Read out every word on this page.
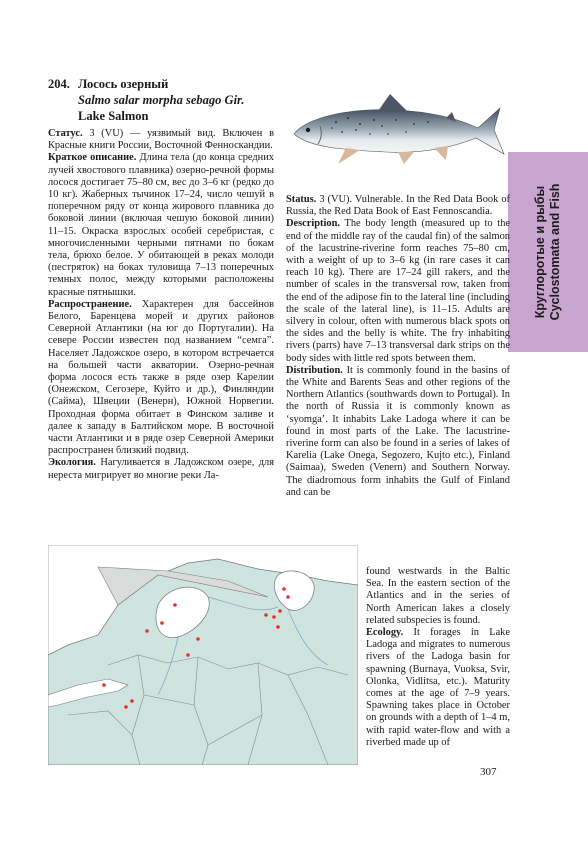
204. Лосось озерный
Salmo salar morpha sebago Gir.
Lake Salmon
Круглоротые и рыбы Cyclostomata and Fish

Статус. 3 (VU) — уязвимый вид. Включен в Красные книги России, Восточной Фенноскандии.

Краткое описание. Длина тела (до конца средних лучей хвостового плавника) озерно-речной формы лосося достигает 75–80 см, вес до 3–6 кг (редко до 10 кг). Жаберных тычинок 17–24, число чешуй в поперечном ряду от конца жирового плавника до боковой линии (включая чешую боковой линии) 11–15. Окраска взрослых особей серебристая, с многочисленными черными пятнами по бокам тела, брюхо белое. У обитающей в реках молоди (пестряток) на боках туловища 7–13 поперечных темных полос, между которыми расположены красные пятнышки.

Распространение. Характерен для бассейнов Белого, Баренцева морей и других районов Северной Атлантики (на юг до Португалии). На севере России известен под названием “семга”. Населяет Ладожское озеро, в котором встречается на большей части акватории. Озерно-речная форма лосося есть также в ряде озер Карелии (Онежском, Сегозере, Куйто и др.), Финляндии (Сайма), Швеции (Венерн), Южной Норвегии. Проходная форма обитает в Финском заливе и далее к западу в Балтийском море. В восточной части Атлантики и в ряде озер Северной Америки распространен близкий подвид.

Экология. Нагуливается в Ладожском озере, для нереста мигрирует во многие реки Ла-

Status. 3 (VU). Vulnerable. In the Red Data Book of Russia, the Red Data Book of East Fennoscandia.

Description. The body length (measured up to the end of the middle ray of the caudal fin) of the salmon of the lacustrine-riverine form reaches 75–80 cm, with a weight of up to 3–6 kg (in rare cases it can reach 10 kg). There are 17–24 gill rakers, and the number of scales in the transversal row, taken from the end of the adipose fin to the lateral line (including the scale of the lateral line), is 11–15. Adults are silvery in colour, often with numerous black spots on the sides and the belly is white. The fry inhabiting rivers (parrs) have 7–13 transversal dark strips on the body sides with little red spots between them.

Distribution. It is commonly found in the basins of the White and Barents Seas and other regions of the Northern Atlantics (southwards down to Portugal). In the north of Russia it is commonly known as ‘syomga’. It inhabits Lake Ladoga where it can be found in most parts of the Lake. The lacustrine-riverine form can also be found in a series of lakes of Karelia (Lake Onega, Segozero, Kujto etc.), Finland (Saimaa), Sweden (Venern) and Southern Norway. The diadromous form inhabits the Gulf of Finland and can be

found westwards in the Baltic Sea. In the eastern section of the Atlantics and in the series of North American lakes a closely related subspecies is found.

Ecology. It forages in Lake Ladoga and migrates to numerous rivers of the Ladoga basin for spawning (Burnaya, Vuoksa, Svir, Olonka, Vidlitsa, etc.). Maturity comes at the age of 7–9 years. Spawning takes place in October on grounds with a depth of 1–4 m, with rapid water-flow and with a riverbed made up of

307
